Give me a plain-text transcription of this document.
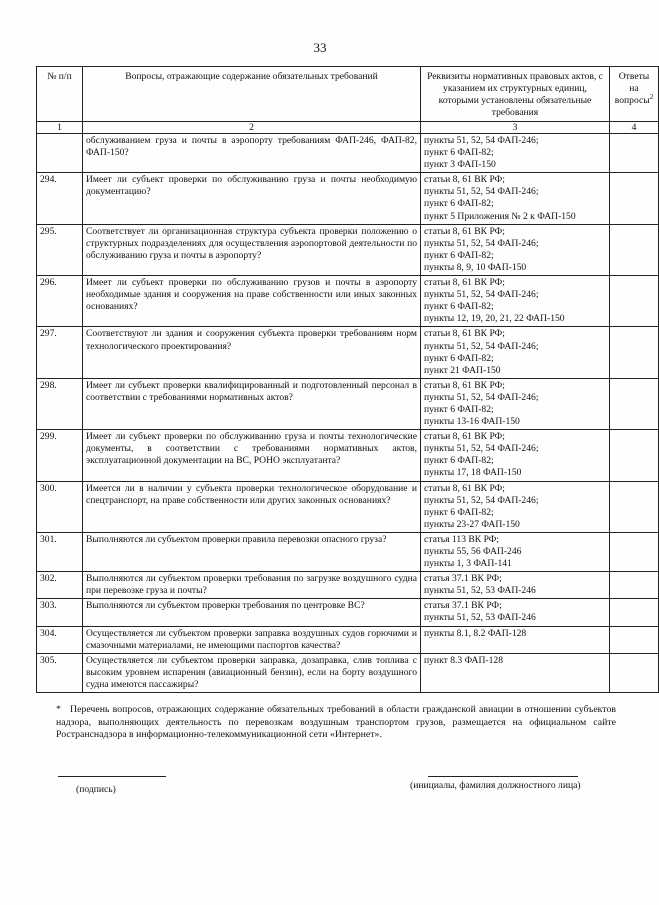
33
№ п/п	Вопросы, отражающие содержание обязательных требований	Реквизиты нормативных правовых актов, с указанием их структурных единиц, которыми установлены обязательные требования	Ответы на вопросы$^2$
1	2	3	4
	обслуживанием груза и почты в аэропорту требованиям ФАП-246, ФАП-82, ФАП-150?	пункты 51, 52, 54 ФАП-246;
пункт 6 ФАП-82;
пункт 3 ФАП-150	

294.	Имеет ли субъект проверки по обслуживанию груза и почты необходимую документацию?	статьи 8, 61 ВК РФ;
пункты 51, 52, 54 ФАП-246;
пункт 6 ФАП-82;
пункт 5 Приложения № 2 к ФАП-150	

295.	Соответствует ли организационная структура субъекта проверки положению о структурных подразделениях для осуществления аэропортовой деятельности по обслуживанию груза и почты в аэропорту?	статьи 8, 61 ВК РФ;
пункты 51, 52, 54 ФАП-246;
пункт 6 ФАП-82;
пункты 8, 9, 10 ФАП-150	

296.	Имеет ли субъект проверки по обслуживанию грузов и почты в аэропорту необходимые здания и сооружения на праве собственности или иных законных основаниях?	статьи 8, 61 ВК РФ;
пункты 51, 52, 54 ФАП-246;
пункт 6 ФАП-82;
пункты 12, 19, 20, 21, 22 ФАП-150	

297.	Соответствуют ли здания и сооружения субъекта проверки требованиям норм технологического проектирования?	статьи 8, 61 ВК РФ;
пункты 51, 52, 54 ФАП-246;
пункт 6 ФАП-82;
пункт 21 ФАП-150	

298.	Имеет ли субъект проверки квалифицированный и подготовленный персонал в соответствии с требованиями нормативных актов?	статьи 8, 61 ВК РФ;
пункты 51, 52, 54 ФАП-246;
пункт 6 ФАП-82;
пункты 13-16 ФАП-150	

299.	Имеет ли субъект проверки по обслуживанию груза и почты технологические документы, в соответствии с требованиями нормативных актов, эксплуатационной документации на ВС, РОНО эксплуатанта?	статьи 8, 61 ВК РФ;
пункты 51, 52, 54 ФАП-246;
пункт 6 ФАП-82;
пункты 17, 18 ФАП-150	

300.	Имеется ли в наличии у субъекта проверки технологическое оборудование и спецтранспорт, на праве собственности или других законных основаниях?	статьи 8, 61 ВК РФ;
пункты 51, 52, 54 ФАП-246;
пункт 6 ФАП-82;
пункты 23-27 ФАП-150	

301.	Выполняются ли субъектом проверки правила перевозки опасного груза?	статья 113 ВК РФ;
пункты 55, 56 ФАП-246
пункты 1, 3 ФАП-141	

302.	Выполняются ли субъектом проверки требования по загрузке воздушного судна при перевозке груза и почты?	статья 37.1 ВК РФ;
пункты 51, 52, 53 ФАП-246	

303.	Выполняются ли субъектом проверки требования по центровке ВС?	статья 37.1 ВК РФ;
пункты 51, 52, 53 ФАП-246	

304.	Осуществляется ли субъектом проверки заправка воздушных судов горючими и смазочными материалами, не имеющими паспортов качества?	пункты 8.1, 8.2 ФАП-128	

305.	Осуществляется ли субъектом проверки заправка, дозаправка, слив топлива с высоким уровнем испарения (авиационный бензин), если на борту воздушного судна имеются пассажиры?	пункт 8.3 ФАП-128	

* Перечень вопросов, отражающих содержание обязательных требований в области гражданской авиации в отношении субъектов надзора, выполняющих деятельность по перевозкам воздушным транспортом грузов, размещается на официальном сайте Ространснадзора в информационно-телекоммуникационной сети «Интернет».
(подпись)	(инициалы, фамилия должностного лица)
